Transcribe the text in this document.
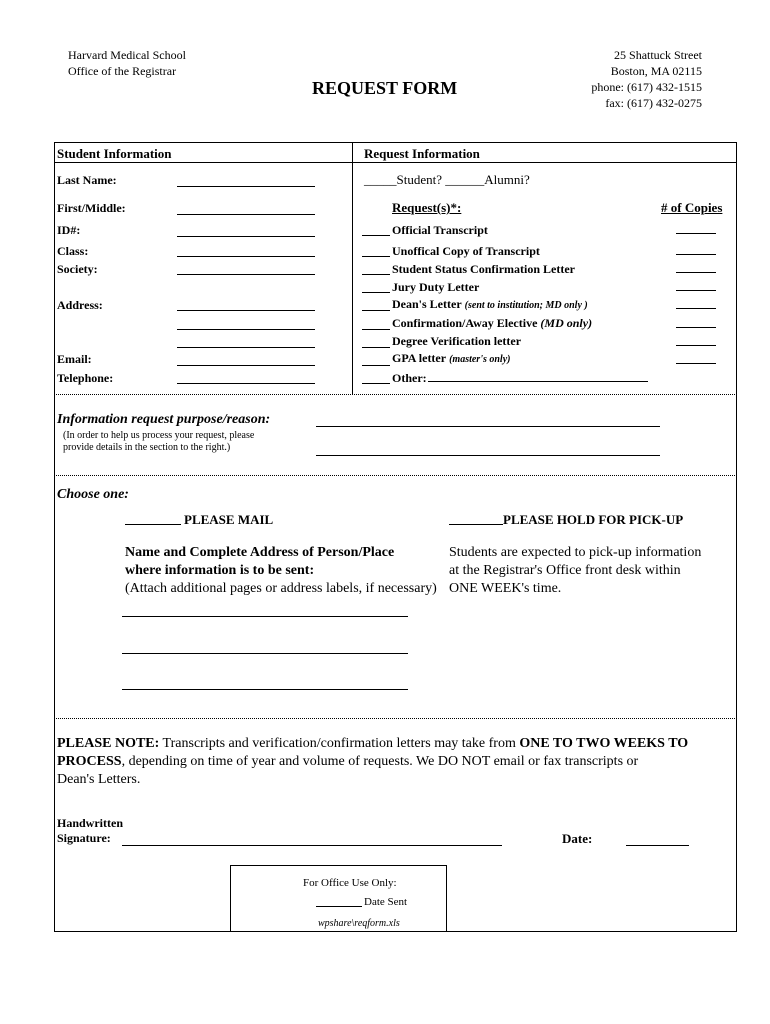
Harvard Medical School
Office of the Registrar
REQUEST FORM
25 Shattuck Street
Boston, MA 02115
phone: (617) 432-1515
fax: (617) 432-0275
Student Information
Last Name:
First/Middle:
ID#:
Class:
Society:
Address:
Email:
Telephone:
Request Information
_____Student? ______Alumni?
Request(s)*:	# of Copies
Official Transcript
Unoffical Copy of Transcript
Student Status Confirmation Letter
Jury Duty Letter
Dean's Letter (sent to institution; MD only )
Confirmation/Away Elective (MD only)
Degree Verification letter
GPA letter (master's only)
Other:
Information request purpose/reason:
(In order to help us process your request, please
provide details in the section to the right.)
Choose one:
PLEASE MAIL	PLEASE HOLD FOR PICK-UP
Name and Complete Address of Person/Place
where information is to be sent:
(Attach additional pages or address labels, if necessary)
Students are expected to pick-up information
at the Registrar's Office front desk within
ONE WEEK's time.
PLEASE NOTE: Transcripts and verification/confirmation letters may take from ONE TO TWO WEEKS TO
PROCESS, depending on time of year and volume of requests. We DO NOT email or fax transcripts or
Dean's Letters.
Handwritten
Signature:	Date:
For Office Use Only:
Date Sent
wpshare\reqform.xls
